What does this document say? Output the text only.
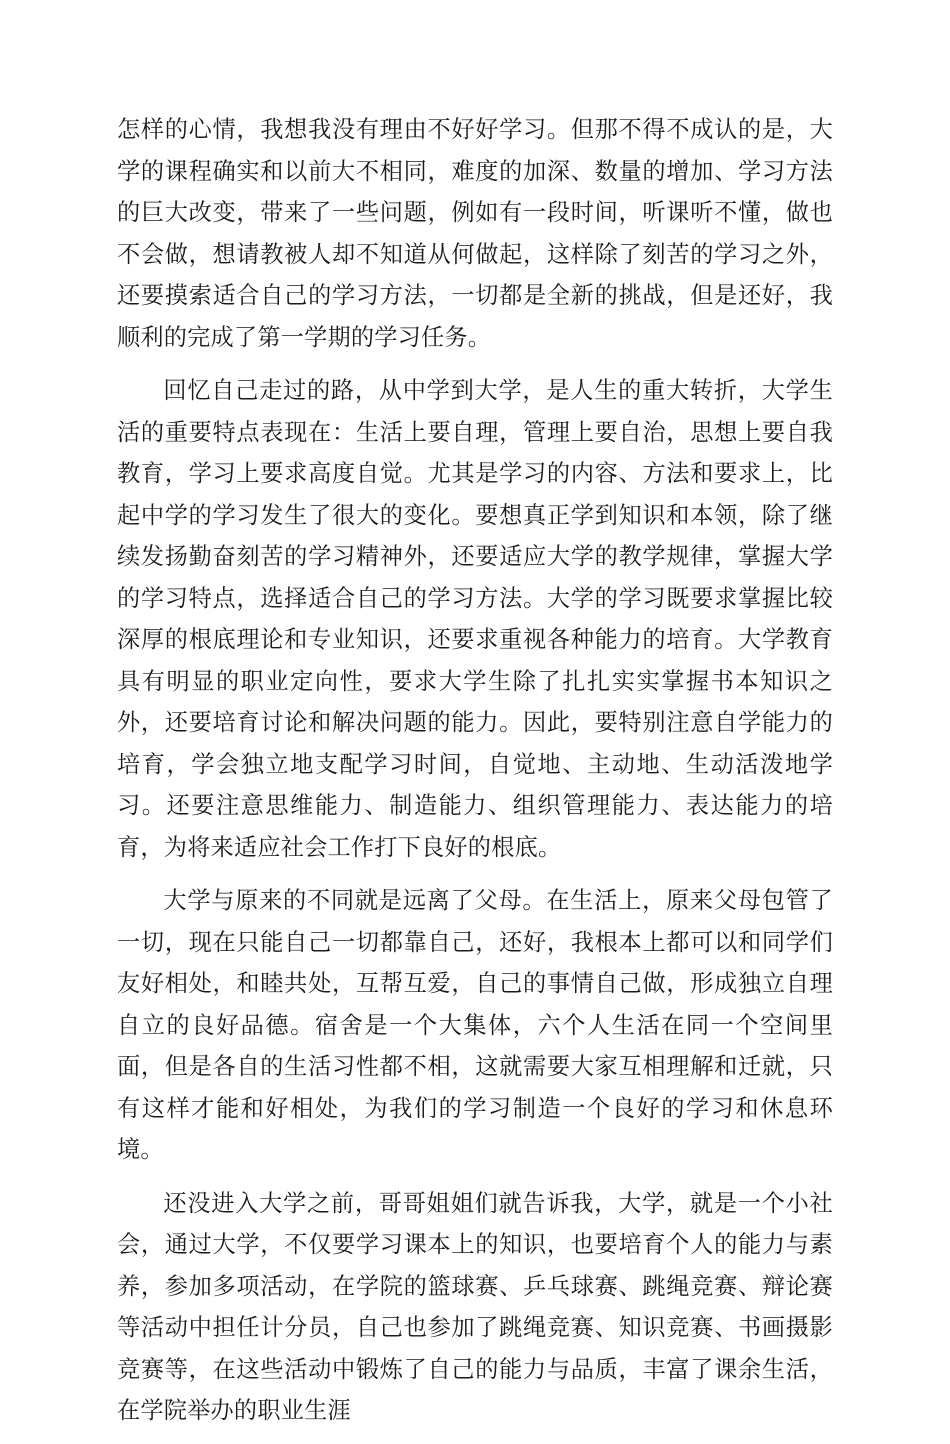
怎样的心情，我想我没有理由不好好学习。但那不得不成认的是，大学的课程确实和以前大不相同，难度的加深、数量的增加、学习方法的巨大改变，带来了一些问题，例如有一段时间，听课听不懂，做也不会做，想请教被人却不知道从何做起，这样除了刻苦的学习之外，还要摸索适合自己的学习方法，一切都是全新的挑战，但是还好，我顺利的完成了第一学期的学习任务。

回忆自己走过的路，从中学到大学，是人生的重大转折，大学生活的重要特点表现在：生活上要自理，管理上要自治，思想上要自我教育，学习上要求高度自觉。尤其是学习的内容、方法和要求上，比起中学的学习发生了很大的变化。要想真正学到知识和本领，除了继续发扬勤奋刻苦的学习精神外，还要适应大学的教学规律，掌握大学的学习特点，选择适合自己的学习方法。大学的学习既要求掌握比较深厚的根底理论和专业知识，还要求重视各种能力的培育。大学教育具有明显的职业定向性，要求大学生除了扎扎实实掌握书本知识之外，还要培育讨论和解决问题的能力。因此，要特别注意自学能力的培育，学会独立地支配学习时间，自觉地、主动地、生动活泼地学习。还要注意思维能力、制造能力、组织管理能力、表达能力的培育，为将来适应社会工作打下良好的根底。

大学与原来的不同就是远离了父母。在生活上，原来父母包管了一切，现在只能自己一切都靠自己，还好，我根本上都可以和同学们友好相处，和睦共处，互帮互爱，自己的事情自己做，形成独立自理自立的良好品德。宿舍是一个大集体，六个人生活在同一个空间里面，但是各自的生活习性都不相，这就需要大家互相理解和迁就，只有这样才能和好相处，为我们的学习制造一个良好的学习和休息环境。

还没进入大学之前，哥哥姐姐们就告诉我，大学，就是一个小社会，通过大学，不仅要学习课本上的知识，也要培育个人的能力与素养，参加多项活动，在学院的篮球赛、乒乓球赛、跳绳竞赛、辩论赛等活动中担任计分员，自己也参加了跳绳竞赛、知识竞赛、书画摄影竞赛等，在这些活动中锻炼了自己的能力与品质，丰富了课余生活，在学院举办的职业生涯
